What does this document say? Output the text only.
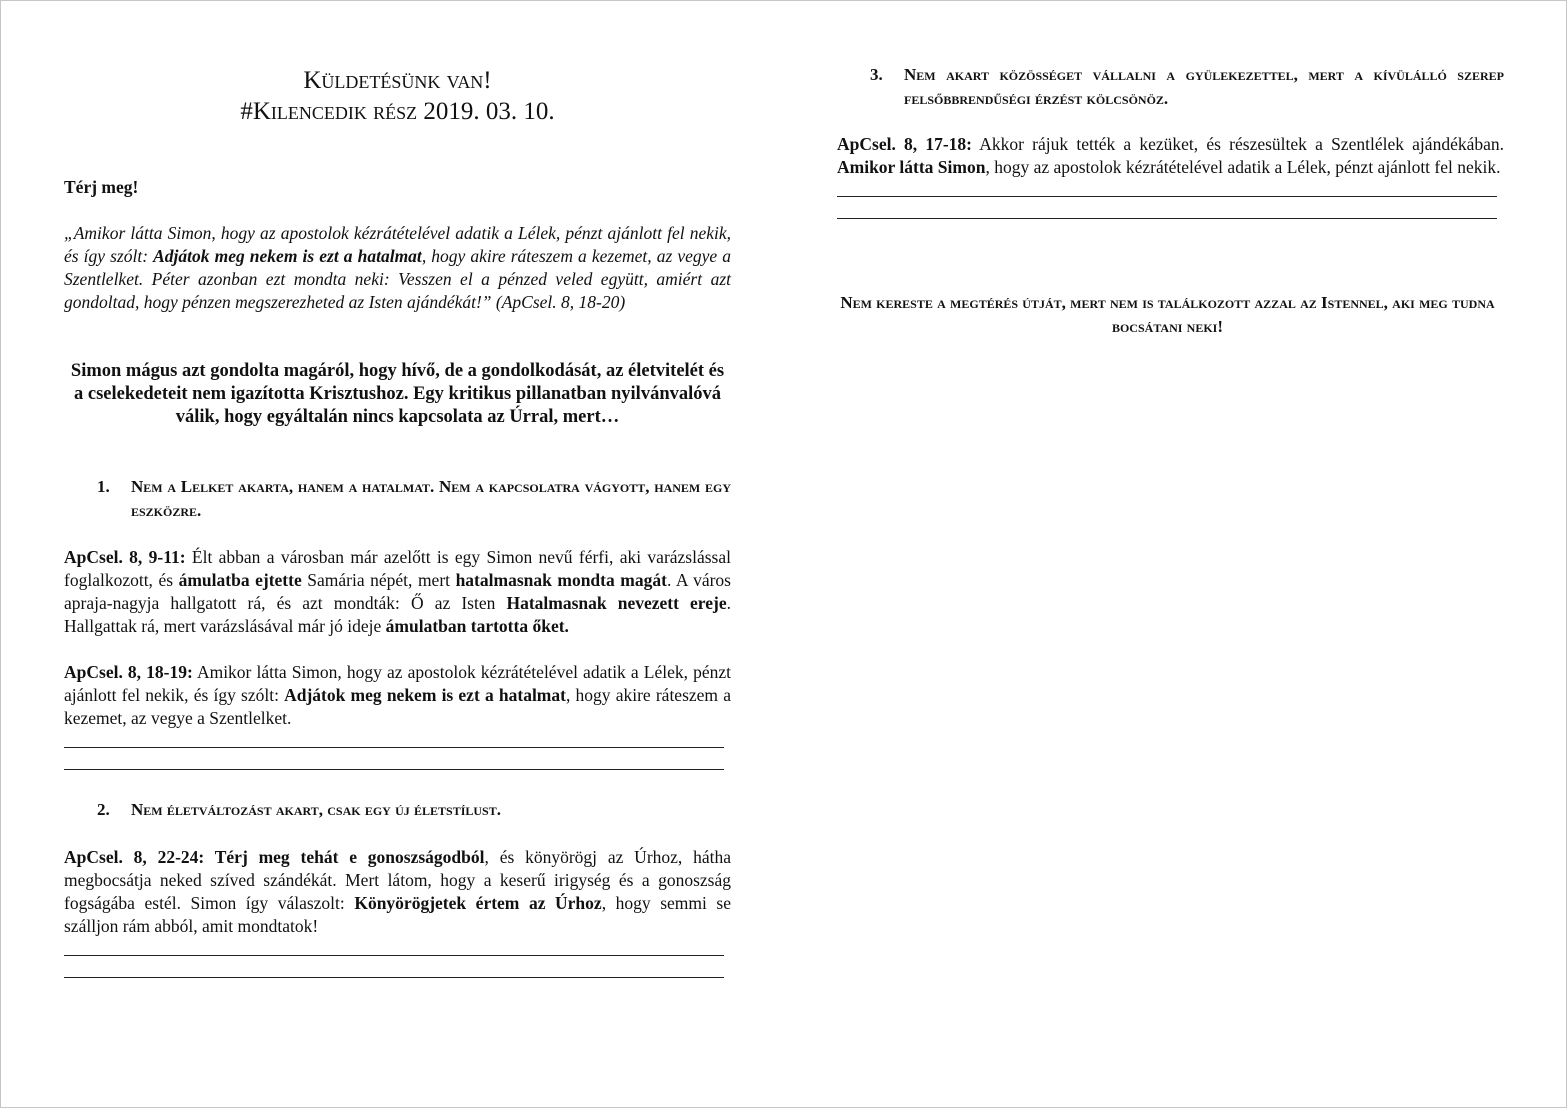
Küldetésünk van!
#Kilencedik rész 2019. 03. 10.

Térj meg!

„Amikor látta Simon, hogy az apostolok kézrátételével adatik a Lélek, pénzt ajánlott fel nekik, és így szólt: Adjátok meg nekem is ezt a hatalmat, hogy akire ráteszem a kezemet, az vegye a Szentlelket. Péter azonban ezt mondta neki: Vesszen el a pénzed veled együtt, amiért azt gondoltad, hogy pénzen megszerezheted az Isten ajándékát!” (ApCsel. 8, 18-20)

Simon mágus azt gondolta magáról, hogy hívő, de a gondolkodását, az életvitelét és a cselekedeteit nem igazította Krisztushoz. Egy kritikus pillanatban nyilvánvalóvá válik, hogy egyáltalán nincs kapcsolata az Úrral, mert…

1.	Nem a Lelket akarta, hanem a hatalmat. Nem a kapcsolatra vágyott, hanem egy eszközre.

ApCsel. 8, 9-11: Élt abban a városban már azelőtt is egy Simon nevű férfi, aki varázslással foglalkozott, és ámulatba ejtette Samária népét, mert hatalmasnak mondta magát. A város apraja-nagyja hallgatott rá, és azt mondták: Ő az Isten Hatalmasnak nevezett ereje. Hallgattak rá, mert varázslásával már jó ideje ámulatban tartotta őket.

ApCsel. 8, 18-19: Amikor látta Simon, hogy az apostolok kézrátételével adatik a Lélek, pénzt ajánlott fel nekik, és így szólt: Adjátok meg nekem is ezt a hatalmat, hogy akire ráteszem a kezemet, az vegye a Szentlelket.

2.	Nem életváltozást akart, csak egy új életstílust.

ApCsel. 8, 22-24: Térj meg tehát e gonoszságodból, és könyörögj az Úrhoz, hátha megbocsátja neked szíved szándékát. Mert látom, hogy a keserű irigység és a gonoszság fogságába estél. Simon így válaszolt: Könyörögjetek értem az Úrhoz, hogy semmi se szálljon rám abból, amit mondtatok!

3.	Nem akart közösséget vállalni a gyülekezettel, mert a kívülálló szerep felsőbbrendűségi érzést kölcsönöz.

ApCsel. 8, 17-18: Akkor rájuk tették a kezüket, és részesültek a Szentlélek ajándékában. Amikor látta Simon, hogy az apostolok kézrátételével adatik a Lélek, pénzt ajánlott fel nekik.

Nem kereste a megtérés útját, mert nem is találkozott azzal az Istennel, aki meg tudna bocsátani neki!
